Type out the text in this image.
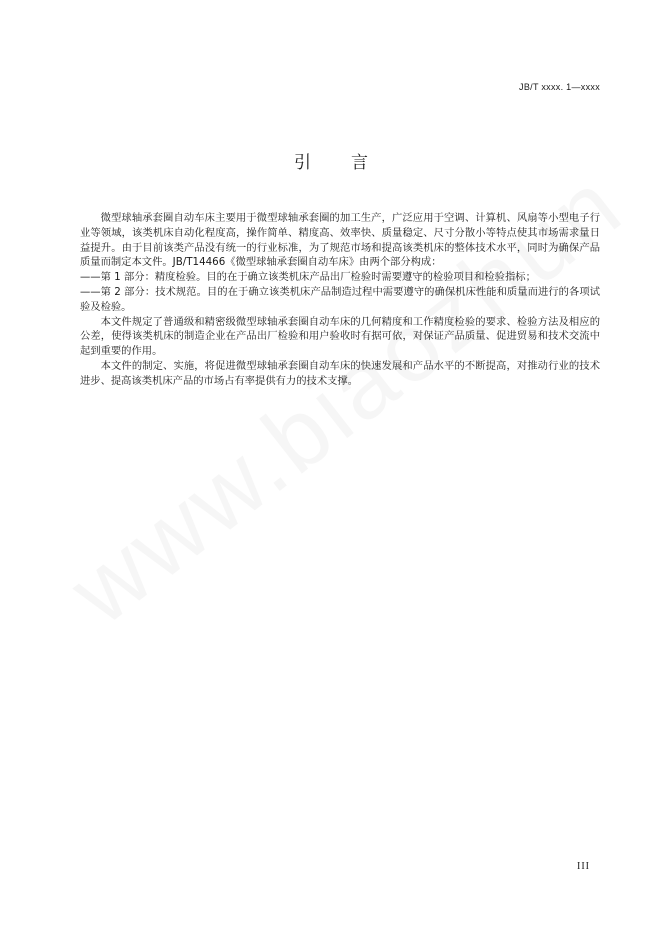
JB/T xxxx. 1—xxxx
引 言

微型球轴承套圈自动车床主要用于微型球轴承套圈的加工生产，广泛应用于空调、计算机、风扇等小型电子行业等领域，该类机床自动化程度高，操作简单、精度高、效率快、质量稳定、尺寸分散小等特点使其市场需求量日益提升。由于目前该类产品没有统一的行业标准，为了规范市场和提高该类机床的整体技术水平，同时为确保产品质量而制定本文件。JB/T14466《微型球轴承套圈自动车床》由两个部分构成：

——第 1 部分：精度检验。目的在于确立该类机床产品出厂检验时需要遵守的检验项目和检验指标；

——第 2 部分：技术规范。目的在于确立该类机床产品制造过程中需要遵守的确保机床性能和质量而进行的各项试验及检验。

本文件规定了普通级和精密级微型球轴承套圈自动车床的几何精度和工作精度检验的要求、检验方法及相应的公差，使得该类机床的制造企业在产品出厂检验和用户验收时有据可依，对保证产品质量、促进贸易和技术交流中起到重要的作用。

本文件的制定、实施，将促进微型球轴承套圈自动车床的快速发展和产品水平的不断提高，对推动行业的技术进步、提高该类机床产品的市场占有率提供有力的技术支撑。

III
